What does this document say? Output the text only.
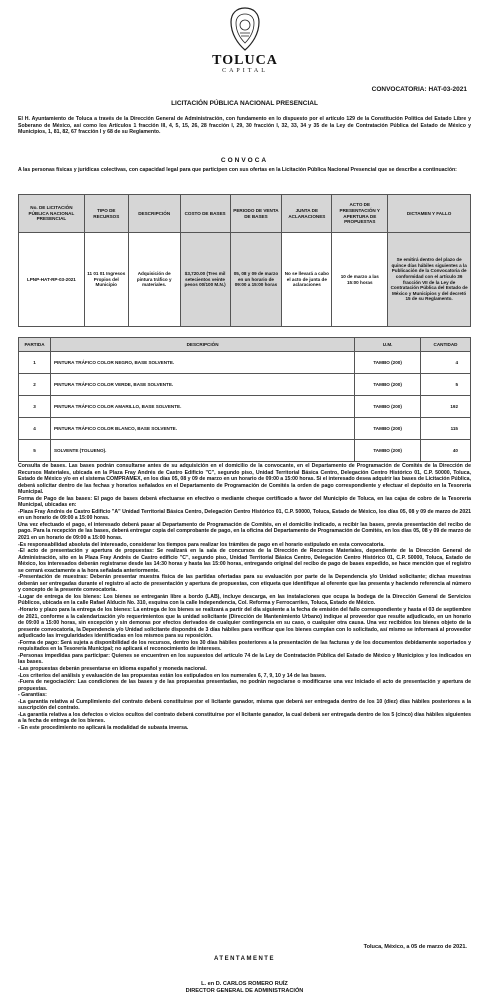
TOLUCA
CAPITAL
CONVOCATORIA: HAT-03-2021
LICITACIÓN PÚBLICA NACIONAL PRESENCIAL
El H. Ayuntamiento de Toluca a través de la Dirección General de Administración, con fundamento en lo dispuesto por el artículo 129 de la Constitución Política del Estado Libre y Soberano de México, así como los Artículos 1 fracción III, 4, 5, 15, 26, 28 fracción I, 29, 30 fracción I, 32, 33, 34 y 35 de la Ley de Contratación Pública del Estado de México y Municipios, 1, 81, 82, 67 fracción I y 68 de su Reglamento.
CONVOCA
A las personas físicas y jurídicas colectivas, con capacidad legal para que participen con sus ofertas en la Licitación Pública Nacional Presencial que se describe a continuación:
No. DE LICITACIÓN PÚBLICA NACIONAL PRESENCIAL	TIPO DE RECURSOS	DESCRIPCIÓN	COSTO DE BASES	PERIODO DE VENTA DE BASES	JUNTA DE ACLARACIONES	ACTO DE PRESENTACIÓN Y APERTURA DE PROPUESTAS	DICTAMEN Y FALLO
LPNP-HAT-RP-03-2021	11 01 01 Ingresos Propios del Municipio	Adquisición de pintura tráfico y materiales.	$3,720.00 (Tres mil setecientos veinte pesos 00/100 M.N.)	05, 08 y 09 de marzo en un horario de 09:00 a 15:00 horas	No se llevará a cabo el acto de junta de aclaraciones	10 de marzo a las 15:00 horas	Se emitirá dentro del plazo de quince días hábiles siguientes a la Publicación de la Convocatoria de conformidad con el artículo 36 fracción VII de la Ley de Contratación Pública del Estado de México y Municipios y del decretó 15 de su Reglamento.
PARTIDA	DESCRIPCIÓN	U.M.	CANTIDAD
1	PINTURA TRÁFICO COLOR NEGRO, BASE SOLVENTE.	TAMBO (200)	4
2	PINTURA TRÁFICO COLOR VERDE, BASE SOLVENTE.	TAMBO (200)	5
3	PINTURA TRÁFICO COLOR AMARILLO, BASE SOLVENTE.	TAMBO (200)	192
4	PINTURA TRÁFICO COLOR BLANCO, BASE SOLVENTE.	TAMBO (200)	115
5	SOLVENTE (TOLUENO).	TAMBO (200)	40

Consulta de bases. Las bases podrán consultarse antes de su adquisición en el domicilio de la convocante, en el Departamento de Programación de Comités de la Dirección de Recursos Materiales, ubicada en la Plaza Fray Andrés de Castro Edificio "C", segundo piso, Unidad Territorial Básica Centro, Delegación Centro Histórico 01, C.P. 50000, Toluca, Estado de México y/o en el sistema COMPRAMEX, en los días 05, 08 y 09 de marzo en un horario de 09:00 a 15:00 horas. Si el interesado desea adquirir las bases de Licitación Pública, deberá solicitar dentro de las fechas y horarios señalados en el Departamento de Programación de Comités la orden de pago correspondiente y efectuar el depósito en la Tesorería Municipal.

Forma de Pago de las bases: El pago de bases deberá efectuarse en efectivo o mediante cheque certificado a favor del Municipio de Toluca, en las cajas de cobro de la Tesorería Municipal, ubicadas en:

-Plaza Fray Andrés de Castro Edificio "A" Unidad Territorial Básica Centro, Delegación Centro Histórico 01, C.P. 50000, Toluca, Estado de México, los días 05, 08 y 09 de marzo de 2021 en un horario de 09:00 a 15:00 horas.

Una vez efectuado el pago, el interesado deberá pasar al Departamento de Programación de Comités, en el domicilio indicado, a recibir las bases, previa presentación del recibo de pago. Para la recepción de las bases, deberá entregar copia del comprobante de pago, en la oficina del Departamento de Programación de Comités, en los días 05, 08 y 09 de marzo de 2021 en un horario de 09:00 a 15:00 horas.

-Es responsabilidad absoluta del interesado, considerar los tiempos para realizar los trámites de pago en el horario estipulado en esta convocatoria.

-El acto de presentación y apertura de propuestas: Se realizará en la sala de concursos de la Dirección de Recursos Materiales, dependiente de la Dirección General de Administración, sito en la Plaza Fray Andrés de Castro edificio "C", segundo piso, Unidad Territorial Básica Centro, Delegación Centro Histórico 01, C.P. 50000, Toluca, Estado de México, los interesados deberán registrarse desde las 14:30 horas y hasta las 15:00 horas, entregando original del recibo de pago de bases expedido, se hace mención que el registro se cerrará exactamente a la hora señalada anteriormente.

-Presentación de muestras: Deberán presentar muestra física de las partidas ofertadas para su evaluación por parte de la Dependencia y/o Unidad solicitante; dichas muestras deberán ser entregadas durante el registro al acto de presentación y apertura de propuestas, con etiqueta que identifique al oferente que las presenta y haciendo referencia al número y concepto de la presente convocatoria.

-Lugar de entrega de los bienes: Los bienes se entregarán libre a bordo (LAB), incluye descarga, en las instalaciones que ocupa la bodega de la Dirección General de Servicios Públicos, ubicada en la calle Rafael Alducín No. 310, esquina con la calle Independencia, Col. Reforma y Ferrocarriles, Toluca, Estado de México.

-Horario y plazo para la entrega de los bienes: La entrega de los bienes se realizará a partir del día siguiente a la fecha de emisión del fallo correspondiente y hasta el 03 de septiembre de 2021, conforme a la calendarización y/o requerimientos que la unidad solicitante (Dirección de Mantenimiento Urbano) indique al proveedor que resulte adjudicado, en un horario de 09:00 a 15:00 horas, sin excepción y sin demoras por efectos derivados de cualquier contingencia en su caso, o cualquier otra causa. Una vez recibidos los bienes objeto de la presente convocatoria, la Dependencia y/o Unidad solicitante dispondrá de 3 días hábiles para verificar que los bienes cumplan con lo solicitado, así mismo se informará al proveedor adjudicado las irregularidades identificadas en los mismos para su reposición.

-Forma de pago: Será sujeta a disponibilidad de los recursos, dentro los 30 días hábiles posteriores a la presentación de las facturas y de los documentos debidamente soportados y requisitados en la Tesorería Municipal; no aplicará el reconocimiento de intereses.

-Personas impedidas para participar: Quienes se encuentren en los supuestos del artículo 74 de la Ley de Contratación Pública del Estado de México y Municipios y los indicados en las bases.

-Las propuestas deberán presentarse en idioma español y moneda nacional.

-Los criterios del análisis y evaluación de las propuestas están los estipulados en los numerales 6, 7, 9, 10 y 14 de las bases.

-Fuera de negociación: Las condiciones de las bases y de las propuestas presentadas, no podrán negociarse o modificarse una vez iniciado el acto de presentación y apertura de propuestas.

- Garantías:

-La garantía relativa al Cumplimiento del contrato deberá constituirse por el licitante ganador, misma que deberá ser entregada dentro de los 10 (diez) días hábiles posteriores a la suscripción del contrato.

-La garantía relativa a los defectos o vicios ocultos del contrato deberá constituirse por el licitante ganador, la cual deberá ser entregada dentro de los 5 (cinco) días hábiles siguientes a la fecha de entrega de los bienes.

- En este procedimiento no aplicará la modalidad de subasta inversa.

Toluca, México, a 05 de marzo de 2021.
ATENTAMENTE
L. en D. CARLOS ROMERO RUÍZ
DIRECTOR GENERAL DE ADMINISTRACIÓN
